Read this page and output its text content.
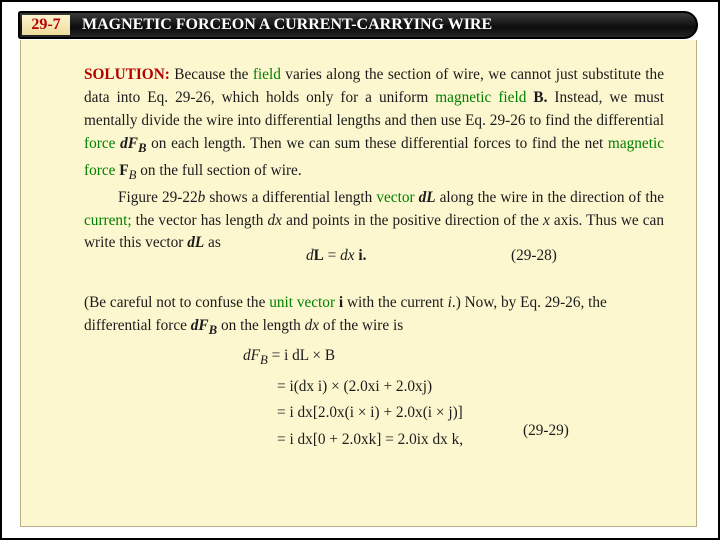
29-7	MAGNETIC FORCEON A CURRENT-CARRYING WIRE

SOLUTION: Because the field varies along the section of wire, we cannot just substitute the data into Eq. 29-26, which holds only for a uniform magnetic field B. Instead, we must mentally divide the wire into differential lengths and then use Eq. 29-26 to find the differential force $dF_B$ on each length. Then we can sum these differential forces to find the net magnetic force $F_B$ on the full section of wire.

Figure 29-22b shows a differential length vector dL along the wire in the direction of the current; the vector has length dx and points in the positive direction of the x axis. Thus we can write this vector dL as

dL = dx i.	(29-28)

(Be careful not to confuse the unit vector i with the current i.) Now, by Eq. 29-26, the differential force $dF_B$ on the length dx of the wire is

$dF_B = i$ dL × B
= i(dx i) × (2.0xi + 2.0xj)
= i dx[2.0x(i × i) + 2.0x(i × j)]
= i dx[0 + 2.0xk] = 2.0ix dx k,
(29-29)
